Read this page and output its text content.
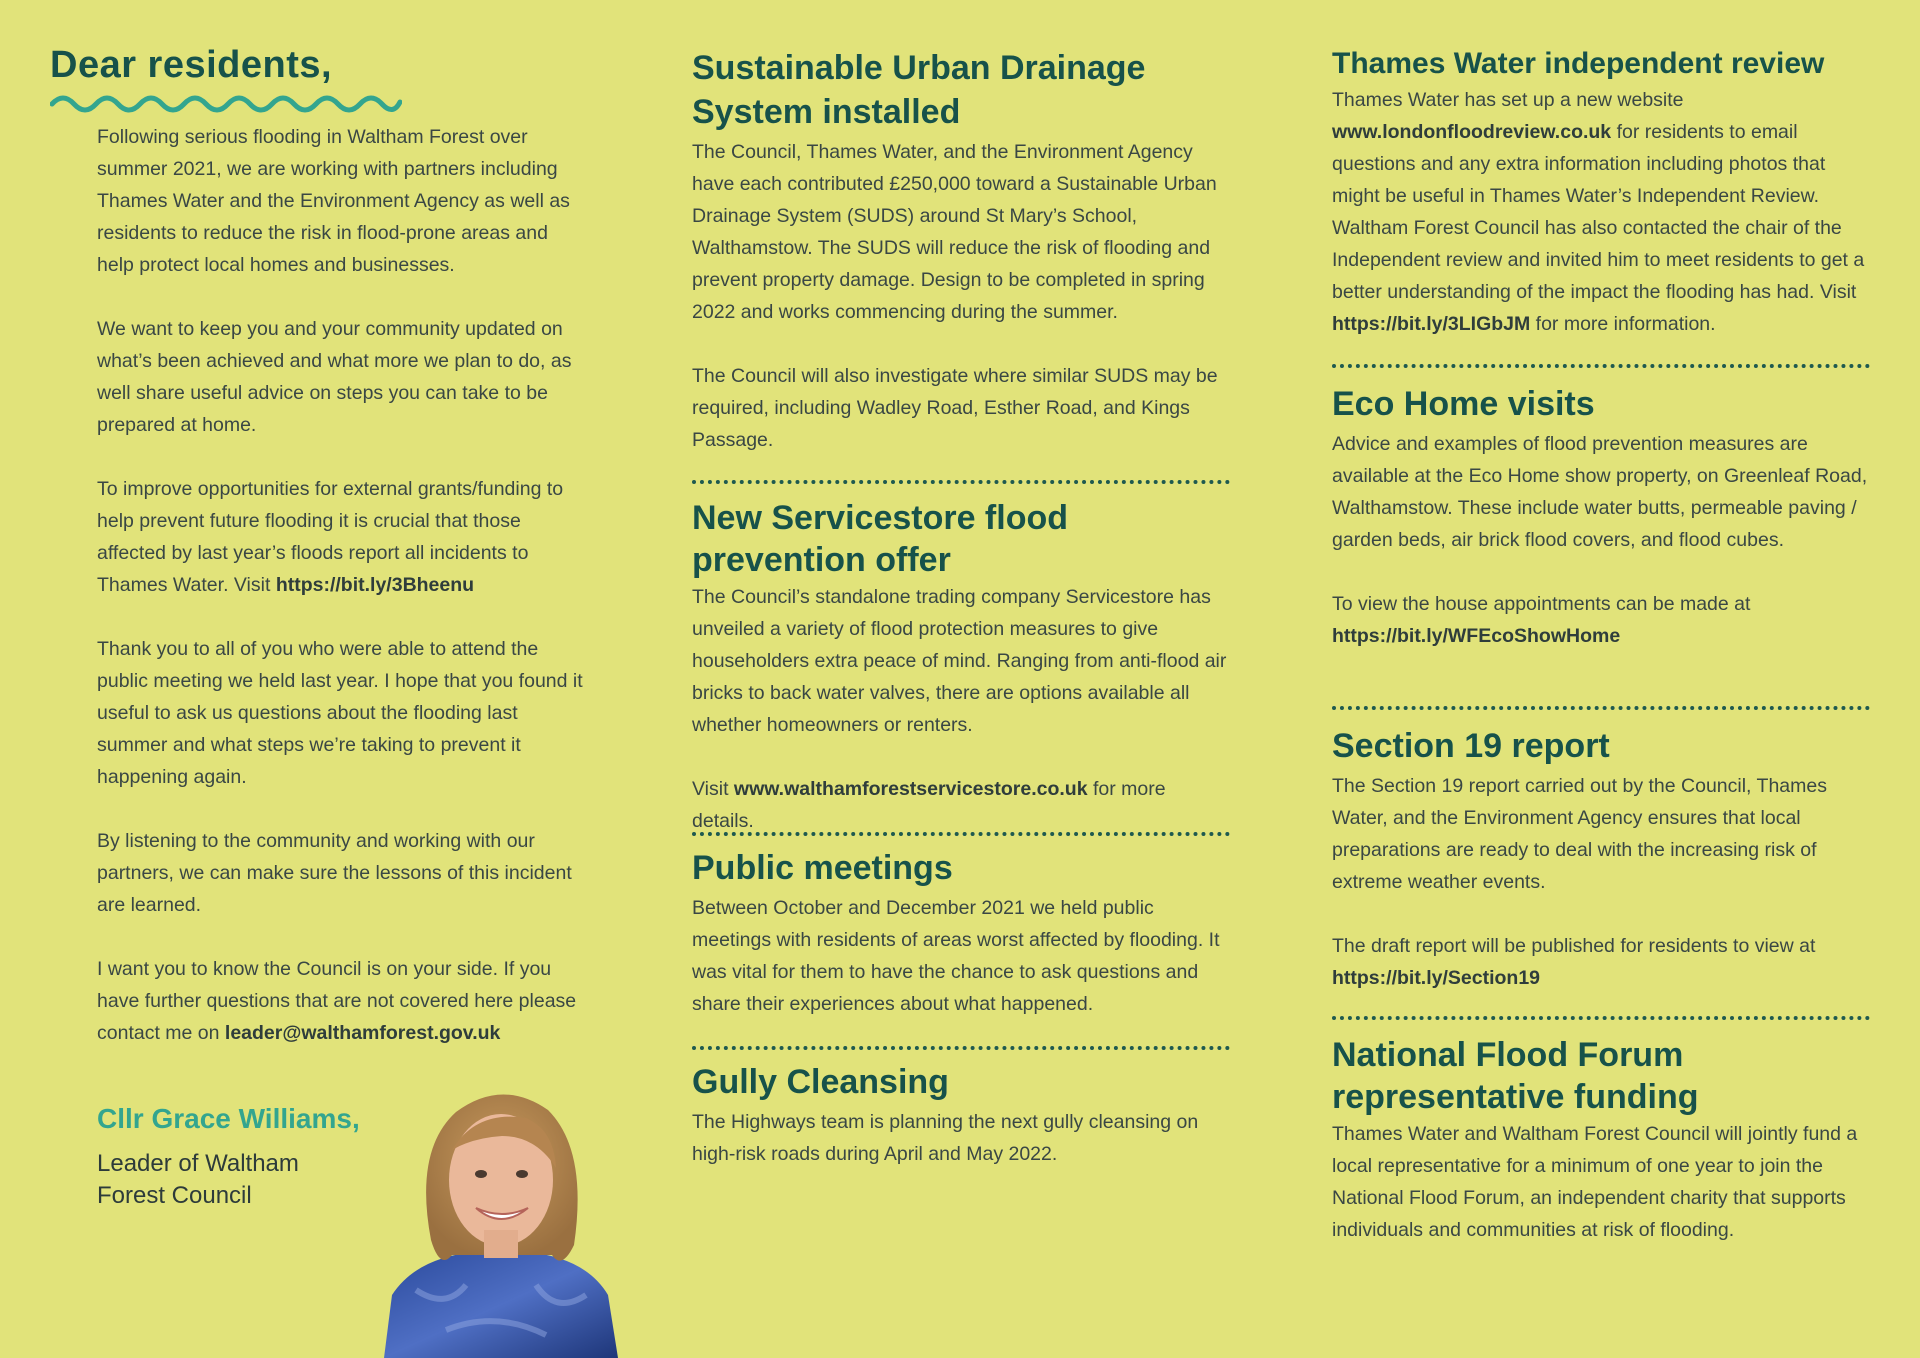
Dear residents,

Following serious flooding in Waltham Forest over summer 2021, we are working with partners including Thames Water and the Environment Agency as well as residents to reduce the risk in flood-prone areas and help protect local homes and businesses.

We want to keep you and your community updated on what’s been achieved and what more we plan to do, as well share useful advice on steps you can take to be prepared at home.

To improve opportunities for external grants/funding to help prevent future flooding it is crucial that those affected by last year’s floods report all incidents to Thames Water. Visit https://bit.ly/3Bheenu

Thank you to all of you who were able to attend the public meeting we held last year. I hope that you found it useful to ask us questions about the flooding last summer and what steps we’re taking to prevent it happening again.

By listening to the community and working with our partners, we can make sure the lessons of this incident are learned.

I want you to know the Council is on your side. If you have further questions that are not covered here please contact me on leader@walthamforest.gov.uk

Cllr Grace Williams,

Leader of Waltham Forest Council

Sustainable Urban Drainage System installed

The Council, Thames Water, and the Environment Agency have each contributed £250,000 toward a Sustainable Urban Drainage System (SUDS) around St Mary’s School, Walthamstow. The SUDS will reduce the risk of flooding and prevent property damage. Design to be completed in spring 2022 and works commencing during the summer.

The Council will also investigate where similar SUDS may be required, including Wadley Road, Esther Road, and Kings Passage.

New Servicestore flood prevention offer

The Council’s standalone trading company Servicestore has unveiled a variety of flood protection measures to give householders extra peace of mind. Ranging from anti-flood air bricks to back water valves, there are options available all whether homeowners or renters.

Visit www.walthamforestservicestore.co.uk for more details.

Public meetings

Between October and December 2021 we held public meetings with residents of areas worst affected by flooding. It was vital for them to have the chance to ask questions and share their experiences about what happened.

Gully Cleansing

The Highways team is planning the next gully cleansing on high-risk roads during April and May 2022.

Thames Water independent review

Thames Water has set up a new website www.londonfloodreview.co.uk for residents to email questions and any extra information including photos that might be useful in Thames Water’s Independent Review. Waltham Forest Council has also contacted the chair of the Independent review and invited him to meet residents to get a better understanding of the impact the flooding has had. Visit https://bit.ly/3LIGbJM for more information.

Eco Home visits

Advice and examples of flood prevention measures are available at the Eco Home show property, on Greenleaf Road, Walthamstow. These include water butts, permeable paving / garden beds, air brick flood covers, and flood cubes.

To view the house appointments can be made at https://bit.ly/WFEcoShowHome

Section 19 report

The Section 19 report carried out by the Council, Thames Water, and the Environment Agency ensures that local preparations are ready to deal with the increasing risk of extreme weather events.

The draft report will be published for residents to view at https://bit.ly/Section19

National Flood Forum representative funding

Thames Water and Waltham Forest Council will jointly fund a local representative for a minimum of one year to join the National Flood Forum, an independent charity that supports individuals and communities at risk of flooding.
